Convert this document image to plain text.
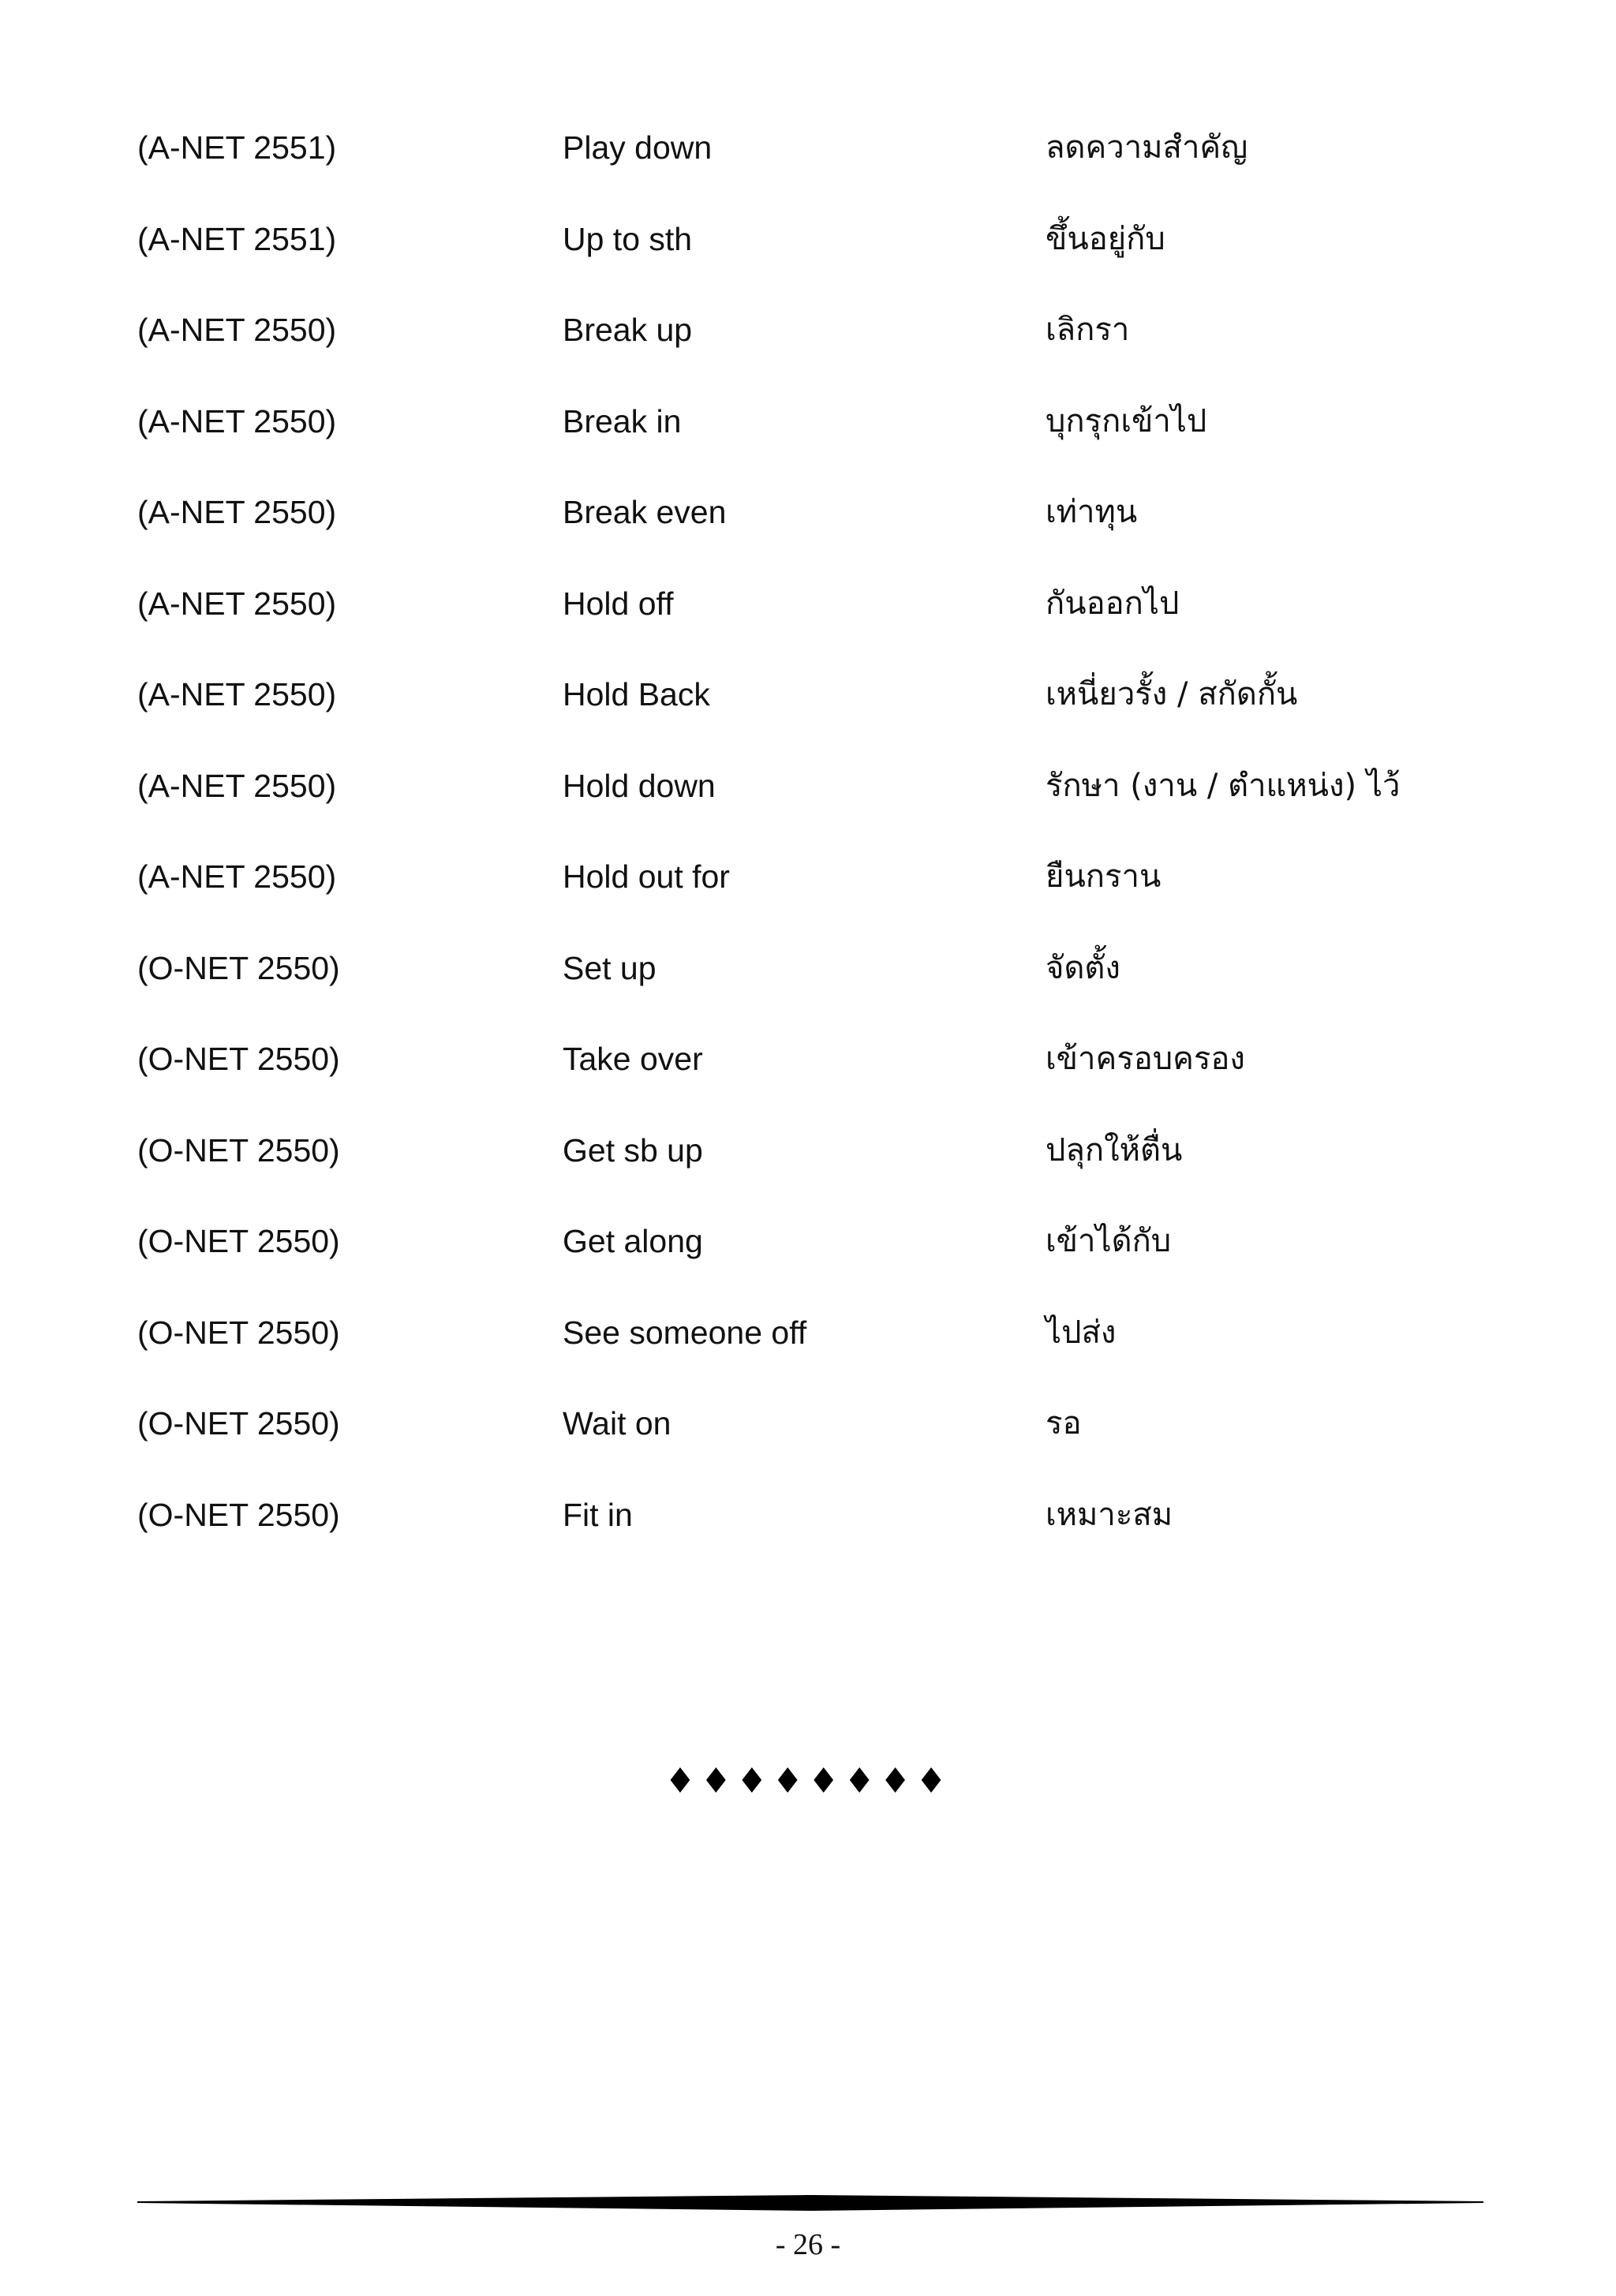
(A-NET 2551)	Play down	ลดความสำคัญ
(A-NET 2551)	Up to sth	ขึ้นอยู่กับ
(A-NET 2550)	Break up	เลิกรา
(A-NET 2550)	Break in	บุกรุกเข้าไป
(A-NET 2550)	Break even	เท่าทุน
(A-NET 2550)	Hold off	กันออกไป
(A-NET 2550)	Hold Back	เหนี่ยวรั้ง / สกัดกั้น
(A-NET 2550)	Hold down	รักษา (งาน / ตำแหน่ง) ไว้
(A-NET 2550)	Hold out for	ยืนกราน
(O-NET 2550)	Set up	จัดตั้ง
(O-NET 2550)	Take over	เข้าครอบครอง
(O-NET 2550)	Get sb up	ปลุกให้ตื่น
(O-NET 2550)	Get along	เข้าได้กับ
(O-NET 2550)	See someone off	ไปส่ง
(O-NET 2550)	Wait on	รอ
(O-NET 2550)	Fit in	เหมาะสม
♦♦♦♦♦♦♦♦
- 26 -
